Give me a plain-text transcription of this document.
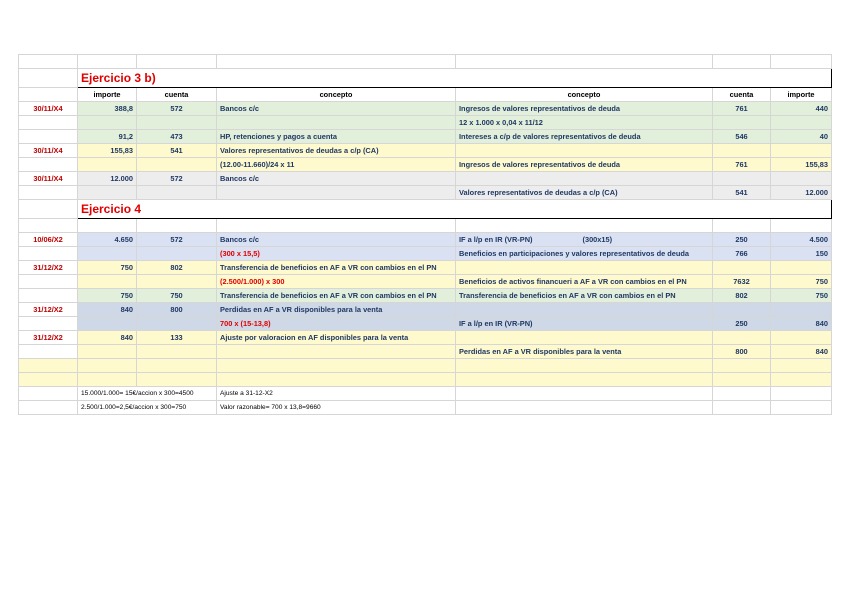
	Ejercicio 3 b)					
	importe	cuenta	concepto	concepto	cuenta	importe
30/11/X4	388,8	572	Bancos c/c	Ingresos de valores representativos de deuda	761	440
				12 x 1.000 x 0,04 x 11/12		
	91,2	473	HP, retenciones y pagos a cuenta	Intereses a c/p de valores representativos de deuda	546	40
30/11/X4	155,83	541	Valores representativos de deudas a c/p (CA)			
			(12.00-11.660)/24 x 11	Ingresos de valores representativos de deuda	761	155,83
30/11/X4	12.000	572	Bancos c/c			
				Valores representativos de deudas a c/p (CA)	541	12.000
	Ejercicio 4					

10/06/X2	4.650	572	Bancos c/c	IF a l/p en IR (VR-PN) (300x15)	250	4.500
			(300 x 15,5)	Beneficios en participaciones y valores representativos de deuda	766	150
31/12/X2	750	802	Transferencia de beneficios en AF a VR con cambios en el PN			
			(2.500/1.000) x 300	Beneficios de activos financueri a AF a VR con cambios en el PN	7632	750
	750	750	Transferencia de beneficios en AF a VR con cambios en el PN	Transferencia de beneficios en AF a VR con cambios en el PN	802	750
31/12/X2	840	800	Perdidas en AF a VR disponibles para la venta			
			700 x (15-13,8)	IF a l/p en IR (VR-PN)	250	840
31/12/X2	840	133	Ajuste por valoracion en AF disponibles para la venta			
				Perdidas en AF a VR disponibles para la venta	800	840

	15.000/1.000= 15€/accion x 300=4500		Ajuste a 31-12-X2			
	2.500/1.000=2,5€/accion x 300=750		Valor razonable= 700 x 13,8=9660			
